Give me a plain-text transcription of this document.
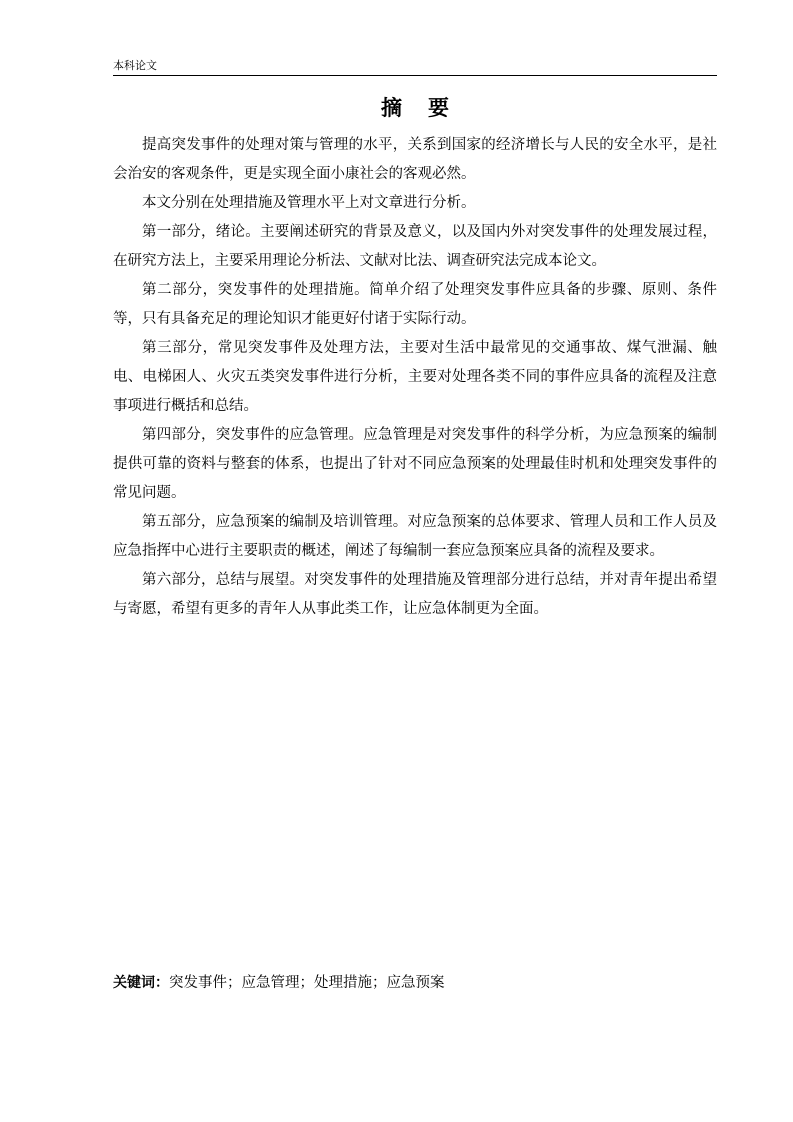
本科论文
摘 要

提高突发事件的处理对策与管理的水平，关系到国家的经济增长与人民的安全水平，是社会治安的客观条件，更是实现全面小康社会的客观必然。

本文分别在处理措施及管理水平上对文章进行分析。

第一部分，绪论。主要阐述研究的背景及意义，以及国内外对突发事件的处理发展过程，在研究方法上，主要采用理论分析法、文献对比法、调查研究法完成本论文。

第二部分，突发事件的处理措施。简单介绍了处理突发事件应具备的步骤、原则、条件等，只有具备充足的理论知识才能更好付诸于实际行动。

第三部分，常见突发事件及处理方法，主要对生活中最常见的交通事故、煤气泄漏、触电、电梯困人、火灾五类突发事件进行分析，主要对处理各类不同的事件应具备的流程及注意事项进行概括和总结。

第四部分，突发事件的应急管理。应急管理是对突发事件的科学分析，为应急预案的编制提供可靠的资料与整套的体系，也提出了针对不同应急预案的处理最佳时机和处理突发事件的常见问题。

第五部分，应急预案的编制及培训管理。对应急预案的总体要求、管理人员和工作人员及应急指挥中心进行主要职责的概述，阐述了每编制一套应急预案应具备的流程及要求。

第六部分，总结与展望。对突发事件的处理措施及管理部分进行总结，并对青年提出希望与寄愿，希望有更多的青年人从事此类工作，让应急体制更为全面。

关键词：突发事件；应急管理；处理措施；应急预案
